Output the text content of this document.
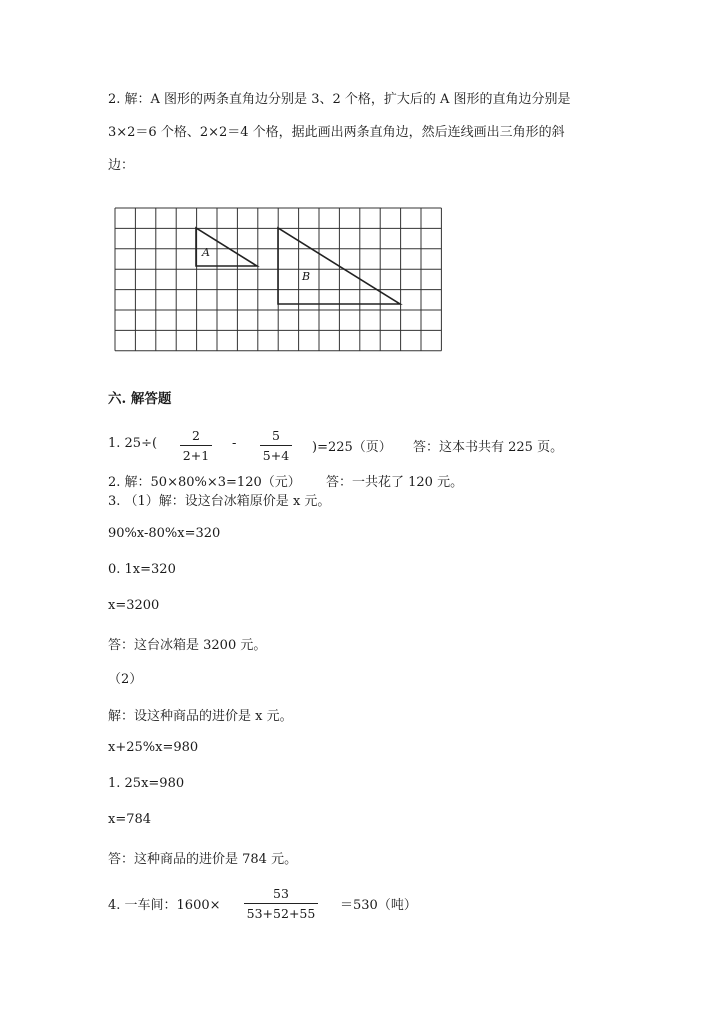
2. 解：A 图形的两条直角边分别是 3、2 个格，扩大后的 A 图形的直角边分别是
3×2＝6 个格、2×2＝4 个格，据此画出两条直角边，然后连线画出三角形的斜
边：
A
B
六. 解答题
1. 25÷(
2
2+1
-
5
5+4
)=225（页） 答：这本书共有 225 页。
2. 解：50×80%×3=120（元） 答：一共花了 120 元。
3. （1）解：设这台冰箱原价是 x 元。
90%x-80%x=320
0. 1x=320
x=3200
答：这台冰箱是 3200 元。
（2）
解：设这种商品的进价是 x 元。
x+25%x=980
1. 25x=980
x=784
答：这种商品的进价是 784 元。
4. 一车间：1600×
53
53+52+55
＝530（吨）
